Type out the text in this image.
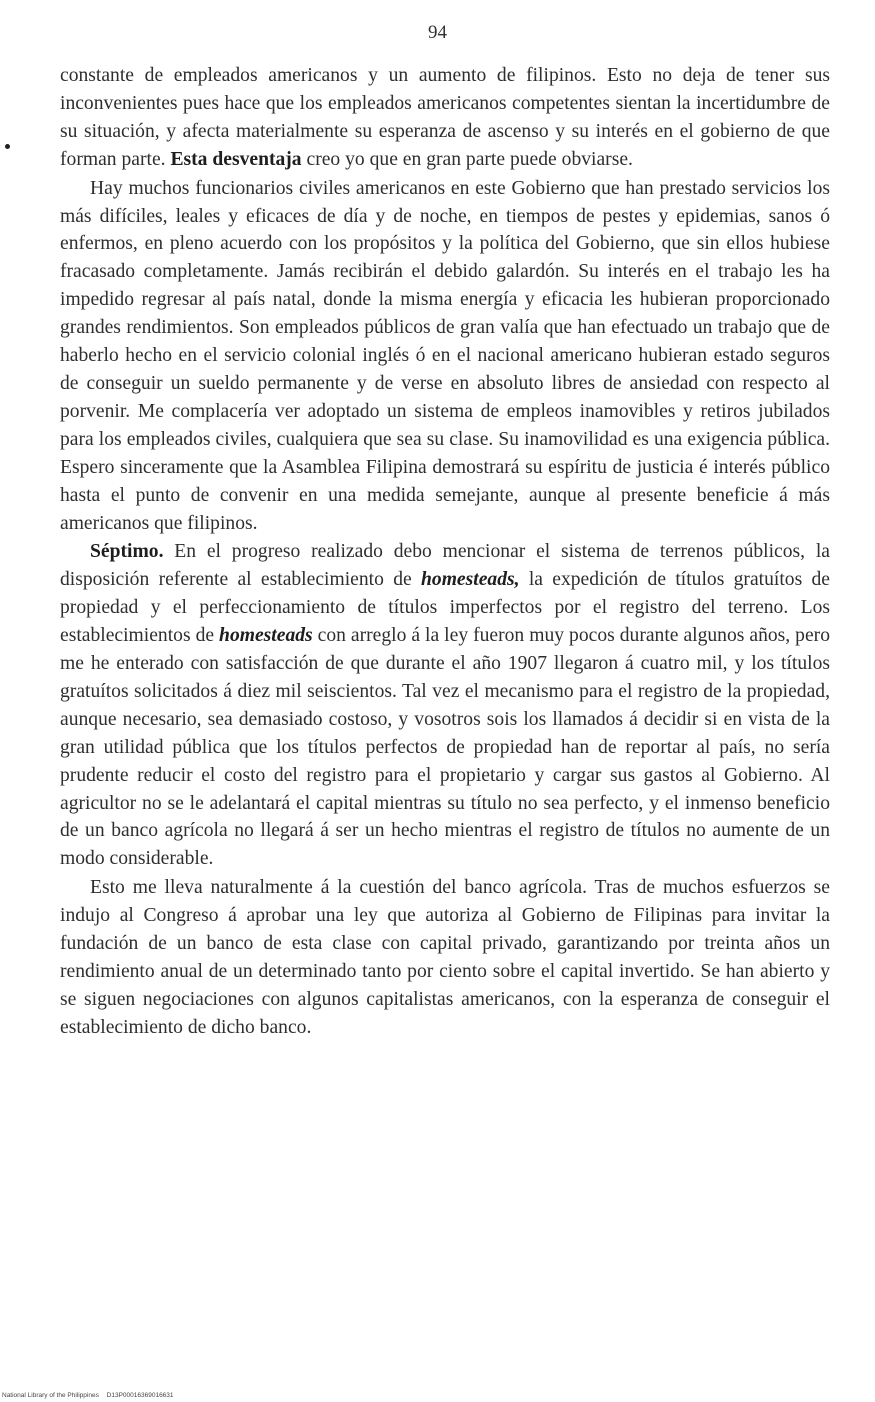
94

constante de empleados americanos y un aumento de filipinos. Esto no deja de tener sus inconvenientes pues hace que los empleados americanos competentes sientan la incertidumbre de su situación, y afecta materialmente su esperanza de ascenso y su interés en el gobierno de que forman parte. Esta desventaja creo yo que en gran parte puede obviarse.

Hay muchos funcionarios civiles americanos en este Gobierno que han prestado servicios los más difíciles, leales y eficaces de día y de noche, en tiempos de pestes y epidemias, sanos ó enfermos, en pleno acuerdo con los propósitos y la política del Gobierno, que sin ellos hubiese fracasado completamente. Jamás recibirán el debido galardón. Su interés en el trabajo les ha impedido regresar al país natal, donde la misma energía y eficacia les hubieran proporcionado grandes rendimientos. Son empleados públicos de gran valía que han efectuado un trabajo que de haberlo hecho en el servicio colonial inglés ó en el nacional americano hubieran estado seguros de conseguir un sueldo permanente y de verse en absoluto libres de ansiedad con respecto al porvenir. Me complacería ver adoptado un sistema de empleos inamovibles y retiros jubilados para los empleados civiles, cualquiera que sea su clase. Su inamovilidad es una exigencia pública. Espero sinceramente que la Asamblea Filipina demostrará su espíritu de justicia é interés público hasta el punto de convenir en una medida semejante, aunque al presente beneficie á más americanos que filipinos.

Séptimo. En el progreso realizado debo mencionar el sistema de terrenos públicos, la disposición referente al establecimiento de homesteads, la expedición de títulos gratuítos de propiedad y el perfeccionamiento de títulos imperfectos por el registro del terreno. Los establecimientos de homesteads con arreglo á la ley fueron muy pocos durante algunos años, pero me he enterado con satisfacción de que durante el año 1907 llegaron á cuatro mil, y los títulos gratuítos solicitados á diez mil seiscientos. Tal vez el mecanismo para el registro de la propiedad, aunque necesario, sea demasiado costoso, y vosotros sois los llamados á decidir si en vista de la gran utilidad pública que los títulos perfectos de propiedad han de reportar al país, no sería prudente reducir el costo del registro para el propietario y cargar sus gastos al Gobierno. Al agricultor no se le adelantará el capital mientras su título no sea perfecto, y el inmenso beneficio de un banco agrícola no llegará á ser un hecho mientras el registro de títulos no aumente de un modo considerable.

Esto me lleva naturalmente á la cuestión del banco agrícola. Tras de muchos esfuerzos se indujo al Congreso á aprobar una ley que autoriza al Gobierno de Filipinas para invitar la fundación de un banco de esta clase con capital privado, garantizando por treinta años un rendimiento anual de un determinado tanto por ciento sobre el capital invertido. Se han abierto y se siguen negociaciones con algunos capitalistas americanos, con la esperanza de conseguir el establecimiento de dicho banco.

National Library of the Philippines D13P00016369016631
